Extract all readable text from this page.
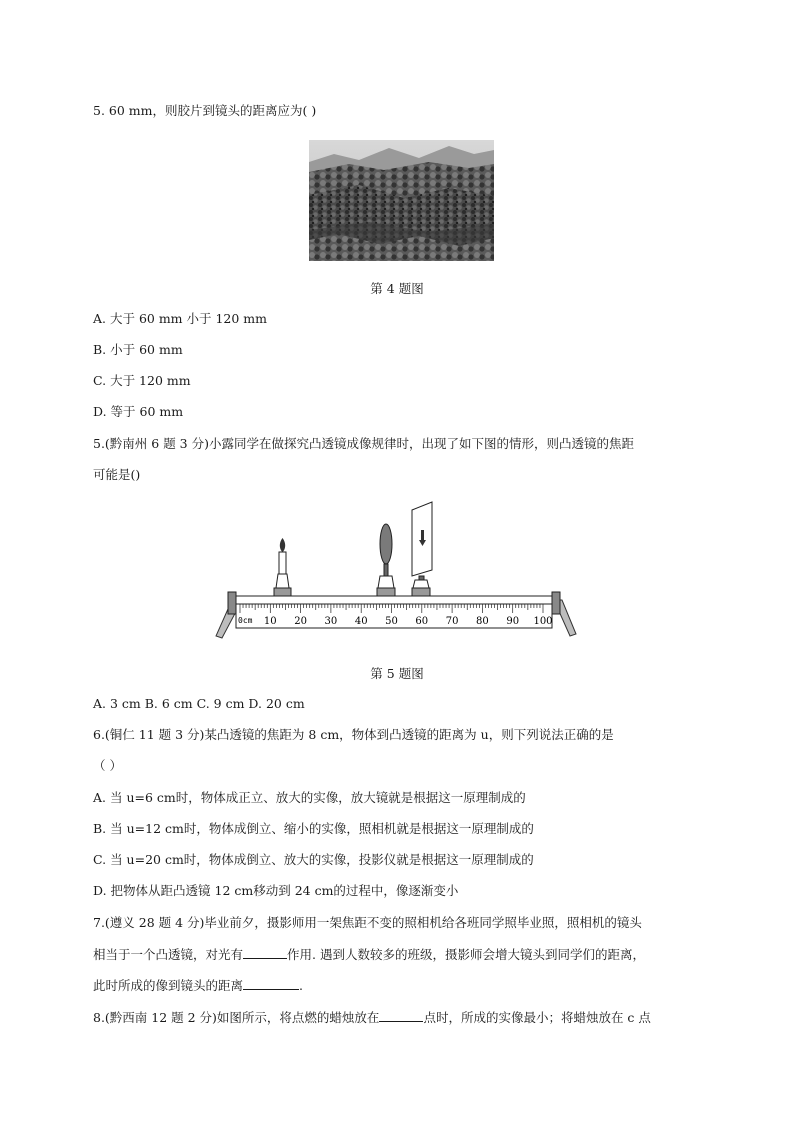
5. 60 mm，则胶片到镜头的距离应为( )
第 4 题图
A. 大于 60 mm 小于 120 mm
B. 小于 60 mm
C. 大于 120 mm
D. 等于 60 mm
5.(黔南州 6 题 3 分)小露同学在做探究凸透镜成像规律时，出现了如下图的情形，则凸透镜的焦距
可能是()
0cm 10 20 30 40 50 60 70 80 90 100
第 5 题图
A. 3 cm B. 6 cm C. 9 cm D. 20 cm
6.(铜仁 11 题 3 分)某凸透镜的焦距为 8 cm，物体到凸透镜的距离为 u，则下列说法正确的是
（ ）
A. 当 u=6 cm时，物体成正立、放大的实像，放大镜就是根据这一原理制成的
B. 当 u=12 cm时，物体成倒立、缩小的实像，照相机就是根据这一原理制成的
C. 当 u=20 cm时，物体成倒立、放大的实像，投影仪就是根据这一原理制成的
D. 把物体从距凸透镜 12 cm移动到 24 cm的过程中，像逐渐变小
7.(遵义 28 题 4 分)毕业前夕，摄影师用一架焦距不变的照相机给各班同学照毕业照，照相机的镜头
相当于一个凸透镜，对光有	作用. 遇到人数较多的班级，摄影师会增大镜头到同学们的距离，
此时所成的像到镜头的距离	.
8.(黔西南 12 题 2 分)如图所示，将点燃的蜡烛放在	点时，所成的实像最小；将蜡烛放在 c 点
